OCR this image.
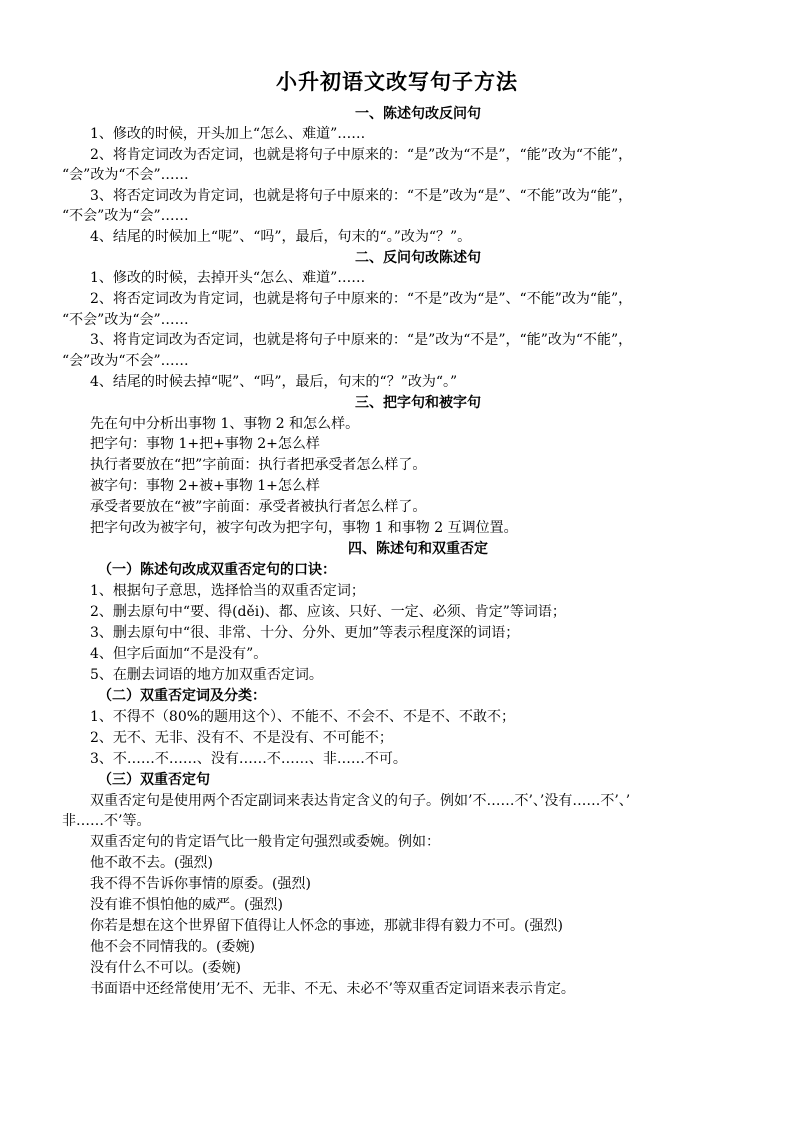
小升初语文改写句子方法
一、陈述句改反问句
1、修改的时候，开头加上“怎么、难道”……
2、将肯定词改为否定词，也就是将句子中原来的：“是”改为“不是”，“能”改为“不能”，
“会”改为“不会”……
3、将否定词改为肯定词，也就是将句子中原来的：“不是”改为“是”、“不能”改为“能”，
“不会”改为“会”……
4、结尾的时候加上“呢”、“吗”，最后，句末的“。”改为“？”。
二、反问句改陈述句
1、修改的时候，去掉开头“怎么、难道”……
2、将否定词改为肯定词，也就是将句子中原来的：“不是”改为“是”、“不能”改为“能”，
“不会”改为“会”……
3、将肯定词改为否定词，也就是将句子中原来的：“是”改为“不是”，“能”改为“不能”，
“会”改为“不会”……
4、结尾的时候去掉“呢”、“吗”，最后，句末的“？”改为“。”
三、把字句和被字句
先在句中分析出事物 1、事物 2 和怎么样。
把字句：事物 1+把+事物 2+怎么样
执行者要放在“把”字前面：执行者把承受者怎么样了。
被字句：事物 2+被+事物 1+怎么样
承受者要放在“被”字前面：承受者被执行者怎么样了。
把字句改为被字句，被字句改为把字句，事物 1 和事物 2 互调位置。
四、陈述句和双重否定
（一）陈述句改成双重否定句的口诀：
1、根据句子意思，选择恰当的双重否定词；
2、删去原句中“要、得(děi)、都、应该、只好、一定、必须、肯定”等词语；
3、删去原句中“很、非常、十分、分外、更加”等表示程度深的词语；
4、但字后面加“不是没有”。
5、在删去词语的地方加双重否定词。
（二）双重否定词及分类：
1、不得不（80%的题用这个）、不能不、不会不、不是不、不敢不；
2、无不、无非、没有不、不是没有、不可能不；
3、不……不……、没有……不……、非……不可。
（三）双重否定句
双重否定句是使用两个否定副词来表达肯定含义的句子。例如’不……不’、’没有……不’、’
非……不’等。
双重否定句的肯定语气比一般肯定句强烈或委婉。例如：
他不敢不去。(强烈)
我不得不告诉你事情的原委。(强烈)
没有谁不惧怕他的威严。(强烈)
你若是想在这个世界留下值得让人怀念的事迹，那就非得有毅力不可。(强烈)
他不会不同情我的。(委婉)
没有什么不可以。(委婉)
书面语中还经常使用’无不、无非、不无、未必不’等双重否定词语来表示肯定。
